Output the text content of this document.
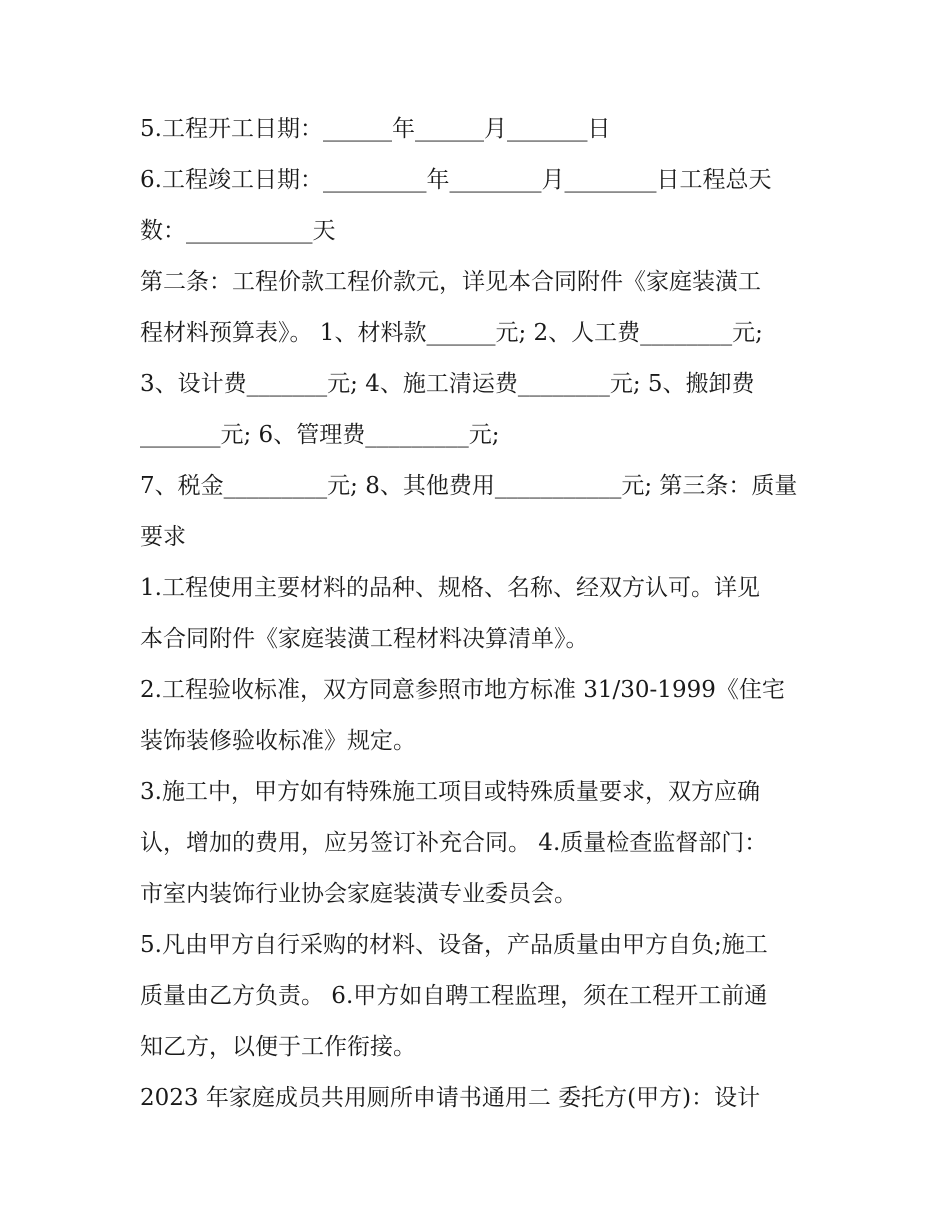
5.工程开工日期：______年______月_______日
6.工程竣工日期：_________年________月________日工程总天
数：___________天
第二条：工程价款工程价款元，详见本合同附件《家庭装潢工
程材料预算表》。 1、材料款______元; 2、人工费________元;
3、设计费_______元; 4、施工清运费________元; 5、搬卸费
_______元; 6、管理费_________元;
7、税金_________元; 8、其他费用___________元; 第三条：质量
要求
1.工程使用主要材料的品种、规格、名称、经双方认可。详见
本合同附件《家庭装潢工程材料决算清单》。
2.工程验收标准，双方同意参照市地方标准 31/30-1999《住宅
装饰装修验收标准》规定。
3.施工中，甲方如有特殊施工项目或特殊质量要求，双方应确
认，增加的费用，应另签订补充合同。 4.质量检查监督部门：
市室内装饰行业协会家庭装潢专业委员会。
5.凡由甲方自行采购的材料、设备，产品质量由甲方自负;施工
质量由乙方负责。 6.甲方如自聘工程监理，须在工程开工前通
知乙方，以便于工作衔接。
2023 年家庭成员共用厕所申请书通用二 委托方(甲方)：设计
